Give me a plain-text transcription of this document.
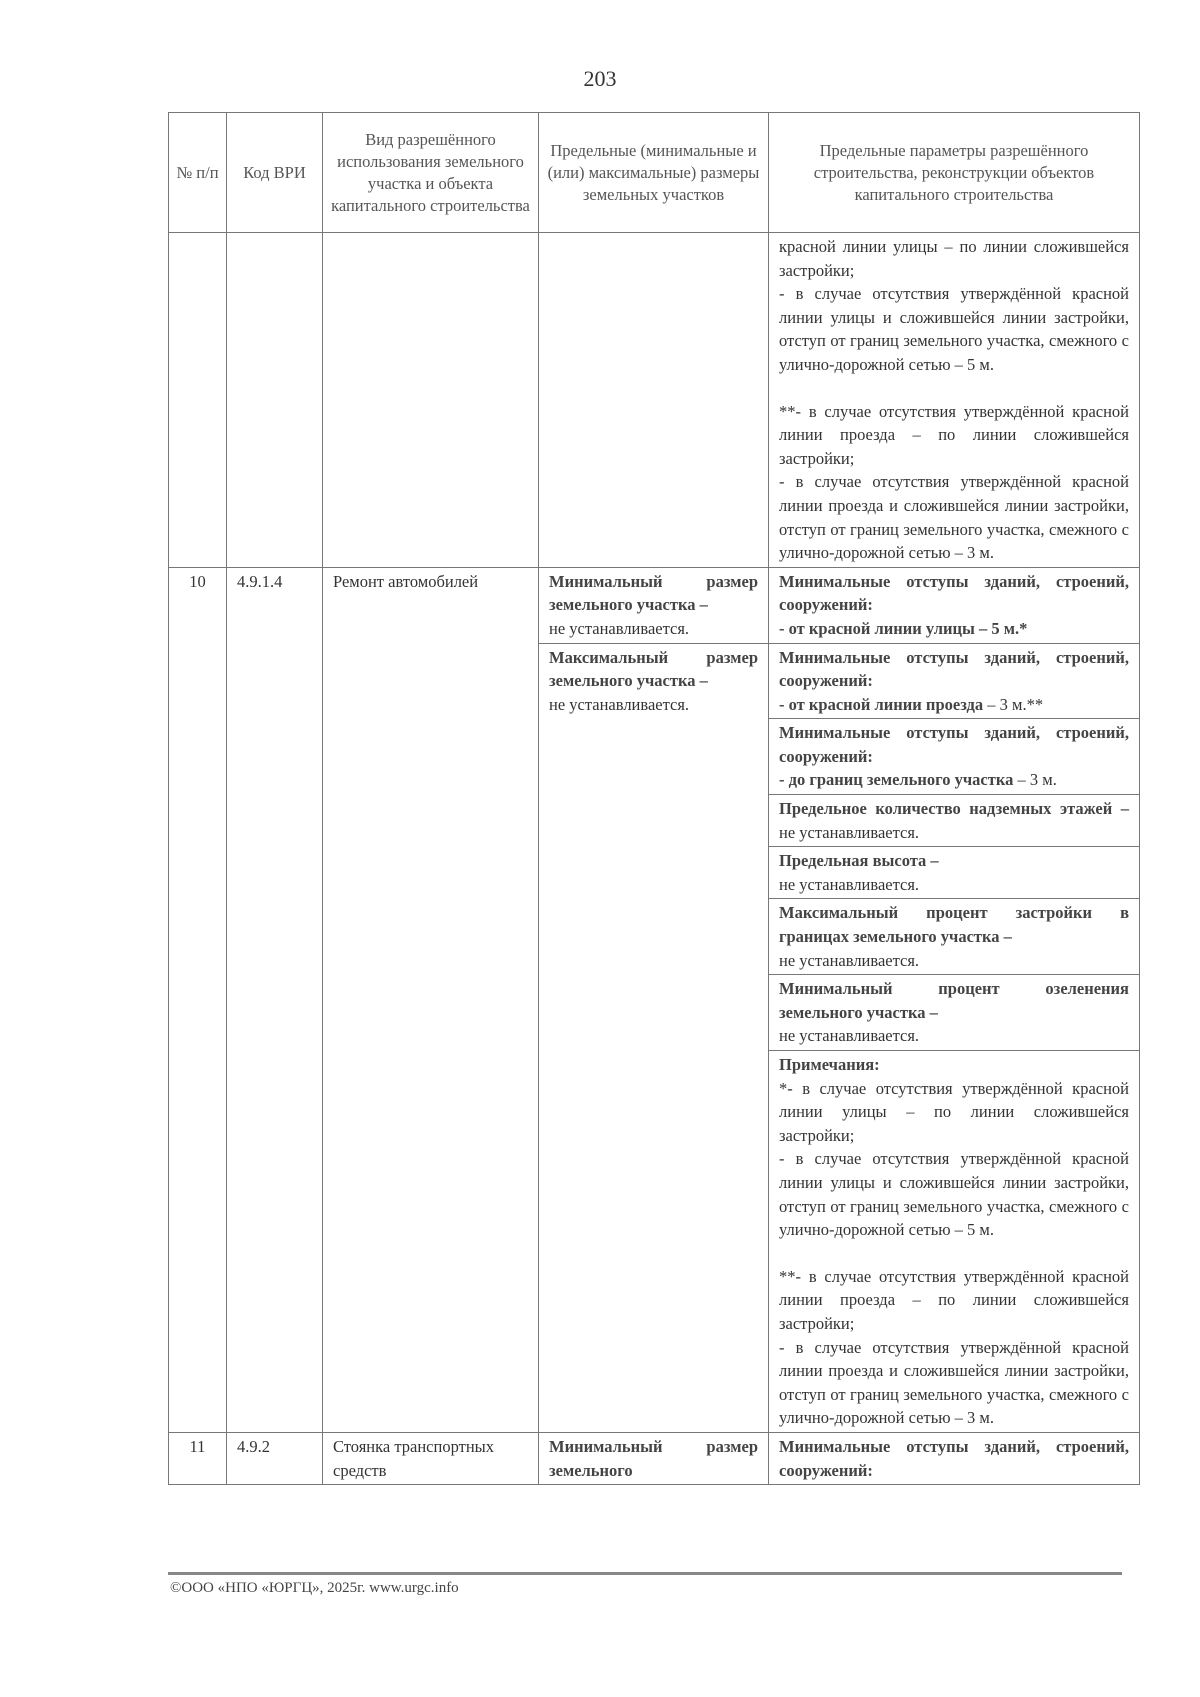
203
№ п/п	Код ВРИ	Вид разрешённого использования земельного участка и объекта капитального строительства	Предельные (минимальные и (или) максимальные) размеры земельных участков	Предельные параметры разрешённого строительства, реконструкции объектов капитального строительства

				красной линии улицы – по линии сложившейся застройки;
- в случае отсутствия утверждённой красной линии улицы и сложившейся линии застройки, отступ от границ земельного участка, смежного с улично-дорожной сетью – 5 м.
**- в случае отсутствия утверждённой красной линии проезда – по линии сложившейся застройки;
- в случае отсутствия утверждённой красной линии проезда и сложившейся линии застройки, отступ от границ земельного участка, смежного с улично-дорожной сетью – 3 м.

10	4.9.1.4	Ремонт автомобилей	Минимальный размер земельного участка –
не устанавливается.	Минимальные отступы зданий, строений, сооружений:
- от красной линии улицы – 5 м.*
			Максимальный размер земельного участка –
не устанавливается.	Минимальные отступы зданий, строений, сооружений:
- от красной линии проезда – 3 м.**
				Минимальные отступы зданий, строений, сооружений:
- до границ земельного участка – 3 м.
				Предельное количество надземных этажей – не устанавливается.
				Предельная высота –
не устанавливается.
				Максимальный процент застройки в границах земельного участка –
не устанавливается.
				Минимальный процент озеленения земельного участка –
не устанавливается.

				Примечания:
*- в случае отсутствия утверждённой красной линии улицы – по линии сложившейся застройки;
- в случае отсутствия утверждённой красной линии улицы и сложившейся линии застройки, отступ от границ земельного участка, смежного с улично-дорожной сетью – 5 м.
**- в случае отсутствия утверждённой красной линии проезда – по линии сложившейся застройки;
- в случае отсутствия утверждённой красной линии проезда и сложившейся линии застройки, отступ от границ земельного участка, смежного с улично-дорожной сетью – 3 м.

11	4.9.2	Стоянка транспортных средств	Минимальный размер земельного	Минимальные отступы зданий, строений, сооружений:
©ООО «НПО «ЮРГЦ», 2025г. www.urgc.info
